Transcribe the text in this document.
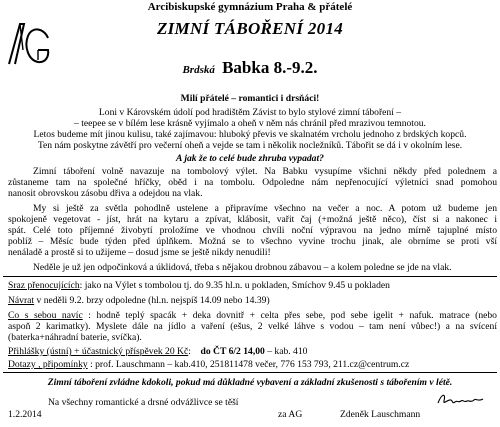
Arcibiskupské gymnázium Praha & přátelé
ZIMNÍ TÁBOŘENÍ 2014
Brdská Babka 8.-9.2.
Milí přátelé – romantici i drsňáci!
Loni v Károvském údolí pod hradištěm Závist to bylo stylové zimní táboření –
– teepee se v bílém lese krásně vyjímalo a oheň v něm nás chránil před mrazivou temnotou.
Letos budeme mít jinou kulisu, také zajímavou: hluboký převis ve skalnatém vrcholu jednoho z brdských kopců.
Ten nám poskytne závětří pro večerní oheň a vejde se tam i několik nocležníků. Tábořit se dá i v okolním lese.
A jak že to celé bude zhruba vypadat?
Zimní táboření volně navazuje na tombolový výlet. Na Babku vysupíme všichni někdy před polednem a
zůstaneme tam na společné hříčky, oběd i na tombolu. Odpoledne nám nepřenocující výletníci snad pomohou
nanosit obrovskou zásobu dřiva a odejdou na vlak.
My si ještě za světla pohodlně ustelene a připravíme všechno na večer a noc. A potom už budeme jen
spokojeně vegetovat - jíst, hrát na kytaru a zpívat, klábosit, vařit čaj (+možná ještě něco), číst si a nakonec i
spát. Celé toto příjemné živobytí proložíme ve vhodnou chvíli noční výpravou na jedno mírně tajuplné místo
poblíž – Měsíc bude týden před úplňkem. Možná se to všechno vyvine trochu jinak, ale obrníme se proti vší
nenáladě a prostě si to užijeme – dosud jsme se ještě nikdy nenudili!
Neděle je už jen odpočinková a úklidová, třeba s nějakou drobnou zábavou – a kolem poledne se jde na vlak.
Sraz přenocujících: jako na Výlet s tombolou tj. do 9.35 hl.n. u pokladen, Smíchov 9.45 u pokladen
Návrat v neděli 9.2. brzy odpoledne (hl.n. nejspíš 14.09 nebo 14.39)
Co s sebou navíc : hodně teplý spacák + deka dovnitř + celta přes sebe, pod sebe igelit + nafuk. matrace (nebo
aspoň 2 karimatky). Myslete dále na jídlo a vaření (ešus, 2 velké láhve s vodou – tam není vůbec!) a na svícení
(baterka+náhradní baterie, svíčka).
Přihlášky (ústní) + účastnický příspěvek 20 Kč: do ČT 6/2 14,00 – kab. 410
Dotazy , připomínky : prof. Lauschmann – kab.410, 251811478 večer, 776 153 793, 211.cz@centrum.cz
Zimní táboření zvládne kdokoli, pokud má důkladné vybavení a základní zkušenosti s tábořením v létě.
Na všechny romantické a drsné odvážlivce se těší
1.2.2014	za AG	Zdeněk Lauschmann
